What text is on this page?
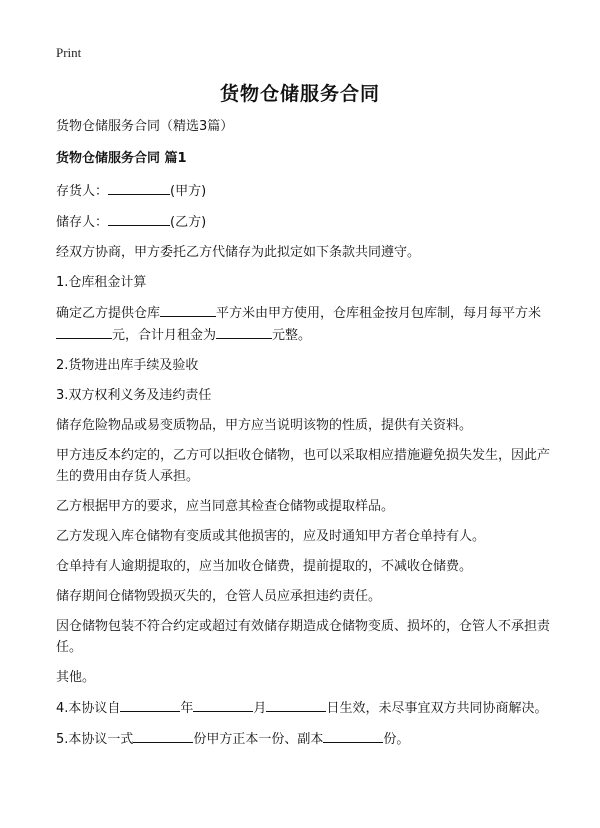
Print
货物仓储服务合同

货物仓储服务合同（精选3篇）

货物仓储服务合同 篇1

存货人：	(甲方)

储存人：	(乙方)

经双方协商，甲方委托乙方代储存为此拟定如下条款共同遵守。

1.仓库租金计算

确定乙方提供仓库	平方米由甲方使用，仓库租金按月包库制，每月每平方米元，合计月租金为	元整。

2.货物进出库手续及验收

3.双方权利义务及违约责任

储存危险物品或易变质物品，甲方应当说明该物的性质，提供有关资料。

甲方违反本约定的，乙方可以拒收仓储物，也可以采取相应措施避免损失发生，因此产生的费用由存货人承担。

乙方根据甲方的要求，应当同意其检查仓储物或提取样品。

乙方发现入库仓储物有变质或其他损害的，应及时通知甲方者仓单持有人。

仓单持有人逾期提取的，应当加收仓储费，提前提取的，不减收仓储费。

储存期间仓储物毁损灭失的，仓管人员应承担违约责任。

因仓储物包装不符合约定或超过有效储存期造成仓储物变质、损坏的，仓管人不承担责任。

其他。

4.本协议自	年	月	日生效，未尽事宜双方共同协商解决。

5.本协议一式	份甲方正本一份、副本	份。
